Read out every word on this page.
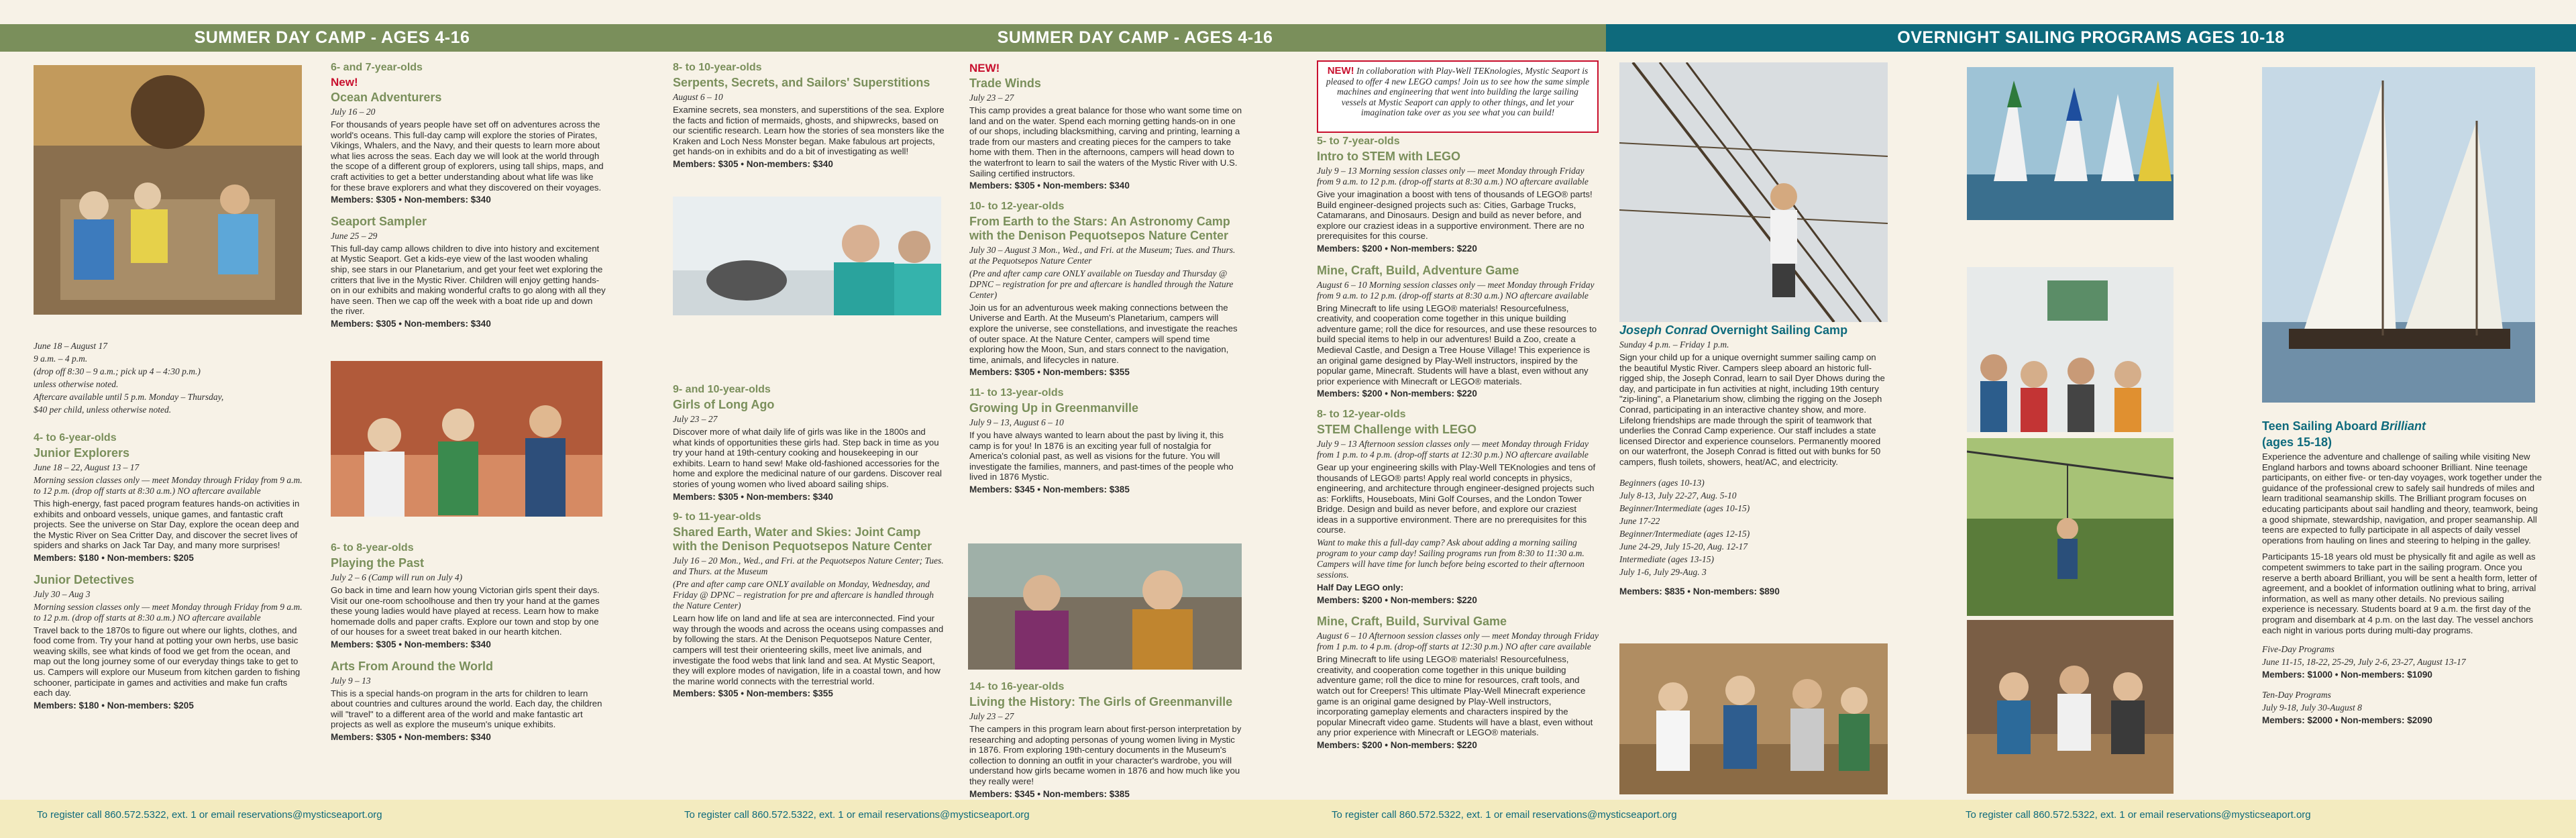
SUMMER DAY CAMP - AGES 4-16	SUMMER DAY CAMP - AGES 4-16	OVERNIGHT SAILING PROGRAMS AGES 10-18
To register call 860.572.5322, ext. 1 or email reservations@mysticseaport.org	To register call 860.572.5322, ext. 1 or email reservations@mysticseaport.org	To register call 860.572.5322, ext. 1 or email reservations@mysticseaport.org	To register call 860.572.5322, ext. 1 or email reservations@mysticseaport.org

June 18 – August 17

9 a.m. – 4 p.m.

(drop off 8:30 – 9 a.m.; pick up 4 – 4:30 p.m.)

unless otherwise noted.

Aftercare available until 5 p.m. Monday – Thursday,

$40 per child, unless otherwise noted.

4- to 6-year-olds

Junior Explorers

June 18 – 22, August 13 – 17

Morning session classes only — meet Monday through Friday from 9 a.m. to 12 p.m. (drop off starts at 8:30 a.m.) NO aftercare available

This high-energy, fast paced program features hands-on activities in exhibits and onboard vessels, unique games, and fantastic craft projects. See the universe on Star Day, explore the ocean deep and the Mystic River on Sea Critter Day, and discover the secret lives of spiders and sharks on Jack Tar Day, and many more surprises!

Members: $180 • Non-members: $205

Junior Detectives

July 30 – Aug 3

Morning session classes only — meet Monday through Friday from 9 a.m. to 12 p.m. (drop off starts at 8:30 a.m.) NO aftercare available

Travel back to the 1870s to figure out where our lights, clothes, and food come from. Try your hand at potting your own herbs, use basic weaving skills, see what kinds of food we get from the ocean, and map out the long journey some of our everyday things take to get to us. Campers will explore our Museum from kitchen garden to fishing schooner, participate in games and activities and make fun crafts each day.

Members: $180 • Non-members: $205

6- and 7-year-olds

New!

Ocean Adventurers

July 16 – 20

For thousands of years people have set off on adventures across the world's oceans. This full-day camp will explore the stories of Pirates, Vikings, Whalers, and the Navy, and their quests to learn more about what lies across the seas. Each day we will look at the world through the scope of a different group of explorers, using tall ships, maps, and craft activities to get a better understanding about what life was like for these brave explorers and what they discovered on their voyages.

Members: $305 • Non-members: $340

Seaport Sampler

June 25 – 29

This full-day camp allows children to dive into history and excitement at Mystic Seaport. Get a kids-eye view of the last wooden whaling ship, see stars in our Planetarium, and get your feet wet exploring the critters that live in the Mystic River. Children will enjoy getting hands-on in our exhibits and making wonderful crafts to go along with all they have seen. Then we cap off the week with a boat ride up and down the river.

Members: $305 • Non-members: $340

6- to 8-year-olds

Playing the Past

July 2 – 6 (Camp will run on July 4)

Go back in time and learn how young Victorian girls spent their days. Visit our one-room schoolhouse and then try your hand at the games these young ladies would have played at recess. Learn how to make homemade dolls and paper crafts. Explore our town and stop by one of our houses for a sweet treat baked in our hearth kitchen.

Members: $305 • Non-members: $340

Arts From Around the World

July 9 – 13

This is a special hands-on program in the arts for children to learn about countries and cultures around the world. Each day, the children will "travel" to a different area of the world and make fantastic art projects as well as explore the museum's unique exhibits.

Members: $305 • Non-members: $340

8- to 10-year-olds

Serpents, Secrets, and Sailors' Superstitions

August 6 – 10

Examine secrets, sea monsters, and superstitions of the sea. Explore the facts and fiction of mermaids, ghosts, and shipwrecks, based on our scientific research. Learn how the stories of sea monsters like the Kraken and Loch Ness Monster began. Make fabulous art projects, get hands-on in exhibits and do a bit of investigating as well!

Members: $305 • Non-members: $340

9- and 10-year-olds

Girls of Long Ago

July 23 – 27

Discover more of what daily life of girls was like in the 1800s and what kinds of opportunities these girls had. Step back in time as you try your hand at 19th-century cooking and housekeeping in our exhibits. Learn to hand sew! Make old-fashioned accessories for the home and explore the medicinal nature of our gardens. Discover real stories of young women who lived aboard sailing ships.

Members: $305 • Non-members: $340

9- to 11-year-olds

Shared Earth, Water and Skies: Joint Camp with the Denison Pequotsepos Nature Center

July 16 – 20 Mon., Wed., and Fri. at the Pequotsepos Nature Center; Tues. and Thurs. at the Museum

(Pre and after camp care ONLY available on Monday, Wednesday, and Friday @ DPNC – registration for pre and aftercare is handled through the Nature Center)

Learn how life on land and life at sea are interconnected. Find your way through the woods and across the oceans using compasses and by following the stars. At the Denison Pequotsepos Nature Center, campers will test their orienteering skills, meet live animals, and investigate the food webs that link land and sea. At Mystic Seaport, they will explore modes of navigation, life in a coastal town, and how the marine world connects with the terrestrial world.

Members: $305 • Non-members: $355

NEW!

Trade Winds

July 23 – 27

This camp provides a great balance for those who want some time on land and on the water. Spend each morning getting hands-on in one of our shops, including blacksmithing, carving and printing, learning a trade from our masters and creating pieces for the campers to take home with them. Then in the afternoons, campers will head down to the waterfront to learn to sail the waters of the Mystic River with U.S. Sailing certified instructors.

Members: $305 • Non-members: $340

10- to 12-year-olds

From Earth to the Stars: An Astronomy Camp with the Denison Pequotsepos Nature Center

July 30 – August 3 Mon., Wed., and Fri. at the Museum; Tues. and Thurs. at the Pequotsepos Nature Center

(Pre and after camp care ONLY available on Tuesday and Thursday @ DPNC – registration for pre and aftercare is handled through the Nature Center)

Join us for an adventurous week making connections between the Universe and Earth. At the Museum's Planetarium, campers will explore the universe, see constellations, and investigate the reaches of outer space. At the Nature Center, campers will spend time exploring how the Moon, Sun, and stars connect to the navigation, time, animals, and lifecycles in nature.

Members: $305 • Non-members: $355

11- to 13-year-olds

Growing Up in Greenmanville

July 9 – 13, August 6 – 10

If you have always wanted to learn about the past by living it, this camp is for you! In 1876 is an exciting year full of nostalgia for America's colonial past, as well as visions for the future. You will investigate the families, manners, and past-times of the people who lived in 1876 Mystic.

Members: $345 • Non-members: $385

14- to 16-year-olds

Living the History: The Girls of Greenmanville

July 23 – 27

The campers in this program learn about first-person interpretation by researching and adopting personas of young women living in Mystic in 1876. From exploring 19th-century documents in the Museum's collection to donning an outfit in your character's wardrobe, you will understand how girls became women in 1876 and how much like you they really were!

Members: $345 • Non-members: $385

NEW! In collaboration with Play-Well TEKnologies, Mystic Seaport is pleased to offer 4 new LEGO camps! Join us to see how the same simple machines and engineering that went into building the large sailing vessels at Mystic Seaport can apply to other things, and let your imagination take over as you see what you can build!

5- to 7-year-olds

Intro to STEM with LEGO

July 9 – 13 Morning session classes only — meet Monday through Friday from 9 a.m. to 12 p.m. (drop-off starts at 8:30 a.m.) NO aftercare available

Give your imagination a boost with tens of thousands of LEGO® parts! Build engineer-designed projects such as: Cities, Garbage Trucks, Catamarans, and Dinosaurs. Design and build as never before, and explore our craziest ideas in a supportive environment. There are no prerequisites for this course.

Members: $200 • Non-members: $220

Mine, Craft, Build, Adventure Game

August 6 – 10 Morning session classes only — meet Monday through Friday from 9 a.m. to 12 p.m. (drop-off starts at 8:30 a.m.) NO aftercare available

Bring Minecraft to life using LEGO® materials! Resourcefulness, creativity, and cooperation come together in this unique building adventure game; roll the dice for resources, and use these resources to build special items to help in our adventures! Build a Zoo, create a Medieval Castle, and Design a Tree House Village! This experience is an original game designed by Play-Well instructors, inspired by the popular game, Minecraft. Students will have a blast, even without any prior experience with Minecraft or LEGO® materials.

Members: $200 • Non-members: $220

8- to 12-year-olds

STEM Challenge with LEGO

July 9 – 13 Afternoon session classes only — meet Monday through Friday from 1 p.m. to 4 p.m. (drop-off starts at 12:30 p.m.) NO aftercare available

Gear up your engineering skills with Play-Well TEKnologies and tens of thousands of LEGO® parts! Apply real world concepts in physics, engineering, and architecture through engineer-designed projects such as: Forklifts, Houseboats, Mini Golf Courses, and the London Tower Bridge. Design and build as never before, and explore our craziest ideas in a supportive environment. There are no prerequisites for this course.

Want to make this a full-day camp? Ask about adding a morning sailing program to your camp day! Sailing programs run from 8:30 to 11:30 a.m. Campers will have time for lunch before being escorted to their afternoon sessions.

Half Day LEGO only:

Members: $200 • Non-members: $220

Mine, Craft, Build, Survival Game

August 6 – 10 Afternoon session classes only — meet Monday through Friday from 1 p.m. to 4 p.m. (drop-off starts at 12:30 p.m.) NO after care available

Bring Minecraft to life using LEGO® materials! Resourcefulness, creativity, and cooperation come together in this unique building adventure game; roll the dice to mine for resources, craft tools, and watch out for Creepers! This ultimate Play-Well Minecraft experience game is an original game designed by Play-Well instructors, incorporating gameplay elements and characters inspired by the popular Minecraft video game. Students will have a blast, even without any prior experience with Minecraft or LEGO® materials.

Members: $200 • Non-members: $220

Joseph Conrad Overnight Sailing Camp

Sunday 4 p.m. – Friday 1 p.m.

Sign your child up for a unique overnight summer sailing camp on the beautiful Mystic River. Campers sleep aboard an historic full-rigged ship, the Joseph Conrad, learn to sail Dyer Dhows during the day, and participate in fun activities at night, including 19th century "zip-lining", a Planetarium show, climbing the rigging on the Joseph Conrad, participating in an interactive chantey show, and more. Lifelong friendships are made through the spirit of teamwork that underlies the Conrad Camp experience. Our staff includes a state licensed Director and experience counselors. Permanently moored on our waterfront, the Joseph Conrad is fitted out with bunks for 50 campers, flush toilets, showers, heat/AC, and electricity.

Beginners (ages 10-13)

July 8-13, July 22-27, Aug. 5-10

Beginner/Intermediate (ages 10-15)

June 17-22

Beginner/Intermediate (ages 12-15)

June 24-29, July 15-20, Aug. 12-17

Intermediate (ages 13-15)

July 1-6, July 29-Aug. 3

Members: $835 • Non-members: $890

Teen Sailing Aboard Brilliant

(ages 15-18)

Experience the adventure and challenge of sailing while visiting New England harbors and towns aboard schooner Brilliant. Nine teenage participants, on either five- or ten-day voyages, work together under the guidance of the professional crew to safely sail hundreds of miles and learn traditional seamanship skills. The Brilliant program focuses on educating participants about sail handling and theory, teamwork, being a good shipmate, stewardship, navigation, and proper seamanship. All teens are expected to fully participate in all aspects of daily vessel operations from hauling on lines and steering to helping in the galley.

Participants 15-18 years old must be physically fit and agile as well as competent swimmers to take part in the sailing program. Once you reserve a berth aboard Brilliant, you will be sent a health form, letter of agreement, and a booklet of information outlining what to bring, arrival information, as well as many other details. No previous sailing experience is necessary. Students board at 9 a.m. the first day of the program and disembark at 4 p.m. on the last day. The vessel anchors each night in various ports during multi-day programs.

Five-Day Programs

June 11-15, 18-22, 25-29, July 2-6, 23-27, August 13-17

Members: $1000 • Non-members: $1090

Ten-Day Programs

July 9-18, July 30-August 8

Members: $2000 • Non-members: $2090
